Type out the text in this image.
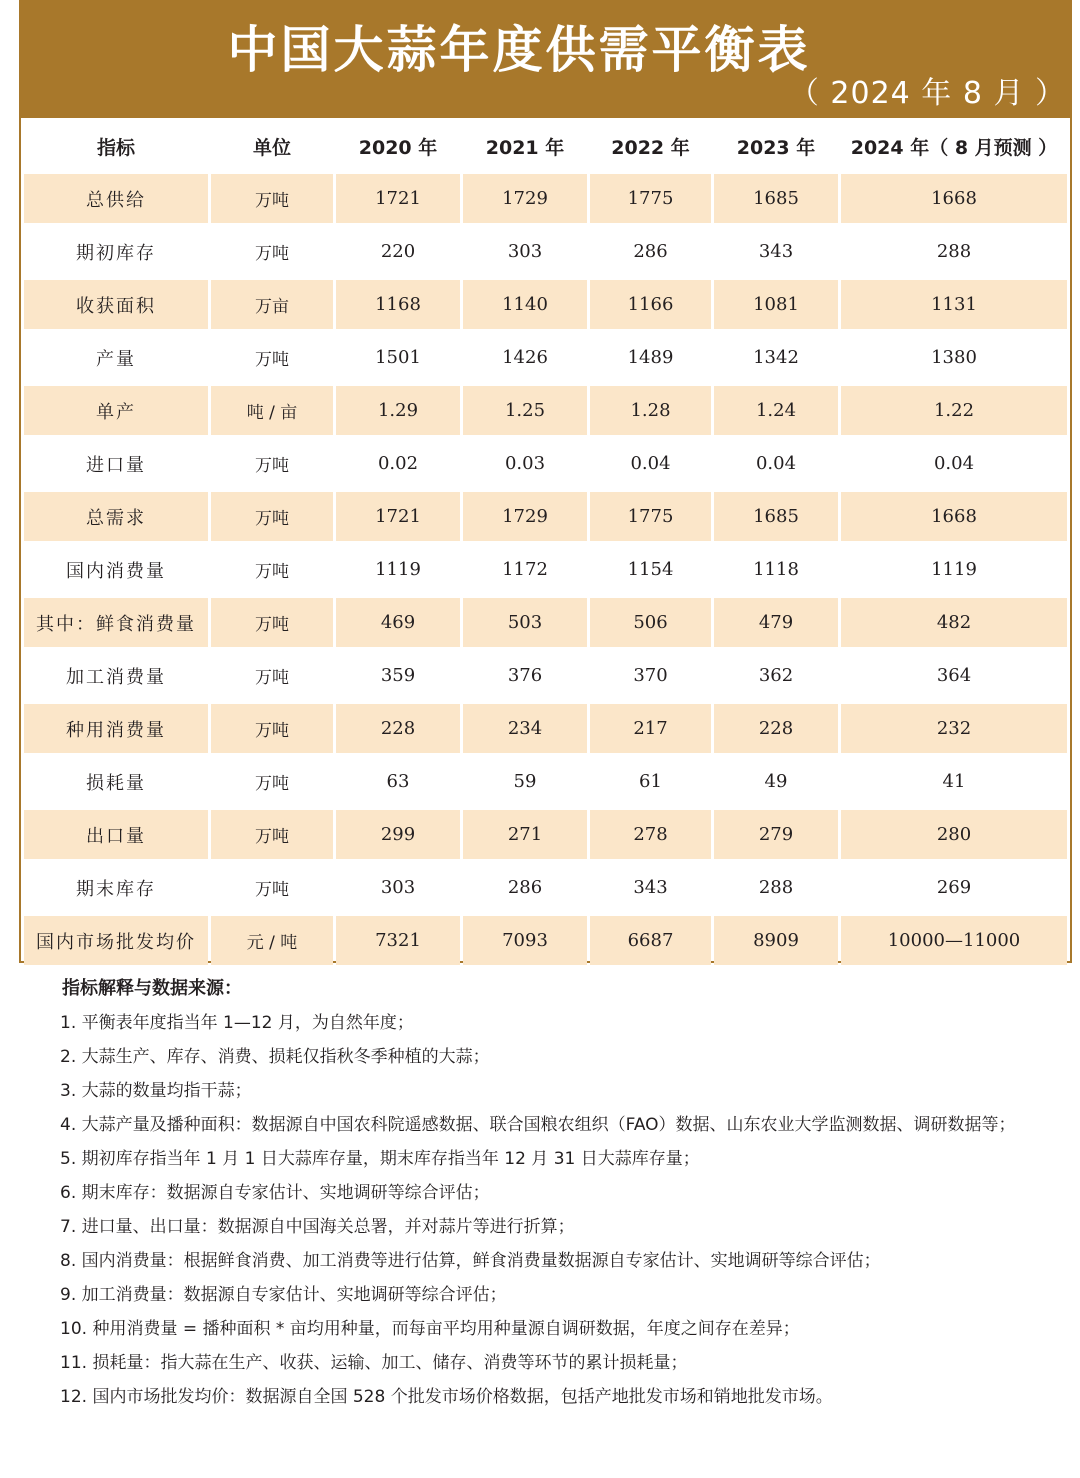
中国大蒜年度供需平衡表
（ 2024 年 8 月 ）
指标	单位	2020 年	2021 年	2022 年	2023 年	2024 年（ 8 月预测 ）
总供给	万吨	1721	1729	1775	1685	1668
期初库存	万吨	220	303	286	343	288
收获面积	万亩	1168	1140	1166	1081	1131
产量	万吨	1501	1426	1489	1342	1380
单产	吨 / 亩	1.29	1.25	1.28	1.24	1.22
进口量	万吨	0.02	0.03	0.04	0.04	0.04
总需求	万吨	1721	1729	1775	1685	1668
国内消费量	万吨	1119	1172	1154	1118	1119
其中：鲜食消费量	万吨	469	503	506	479	482
加工消费量	万吨	359	376	370	362	364
种用消费量	万吨	228	234	217	228	232
损耗量	万吨	63	59	61	49	41
出口量	万吨	299	271	278	279	280
期末库存	万吨	303	286	343	288	269
国内市场批发均价	元 / 吨	7321	7093	6687	8909	10000—11000
指标解释与数据来源：

1. 平衡表年度指当年 1—12 月，为自然年度；

2. 大蒜生产、库存、消费、损耗仅指秋冬季种植的大蒜；

3. 大蒜的数量均指干蒜；

4. 大蒜产量及播种面积：数据源自中国农科院遥感数据、联合国粮农组织（FAO）数据、山东农业大学监测数据、调研数据等；

5. 期初库存指当年 1 月 1 日大蒜库存量，期末库存指当年 12 月 31 日大蒜库存量；

6. 期末库存：数据源自专家估计、实地调研等综合评估；

7. 进口量、出口量：数据源自中国海关总署，并对蒜片等进行折算；

8. 国内消费量：根据鲜食消费、加工消费等进行估算，鲜食消费量数据源自专家估计、实地调研等综合评估；

9. 加工消费量：数据源自专家估计、实地调研等综合评估；

10. 种用消费量 = 播种面积 * 亩均用种量，而每亩平均用种量源自调研数据，年度之间存在差异；

11. 损耗量：指大蒜在生产、收获、运输、加工、储存、消费等环节的累计损耗量；

12. 国内市场批发均价：数据源自全国 528 个批发市场价格数据，包括产地批发市场和销地批发市场。
